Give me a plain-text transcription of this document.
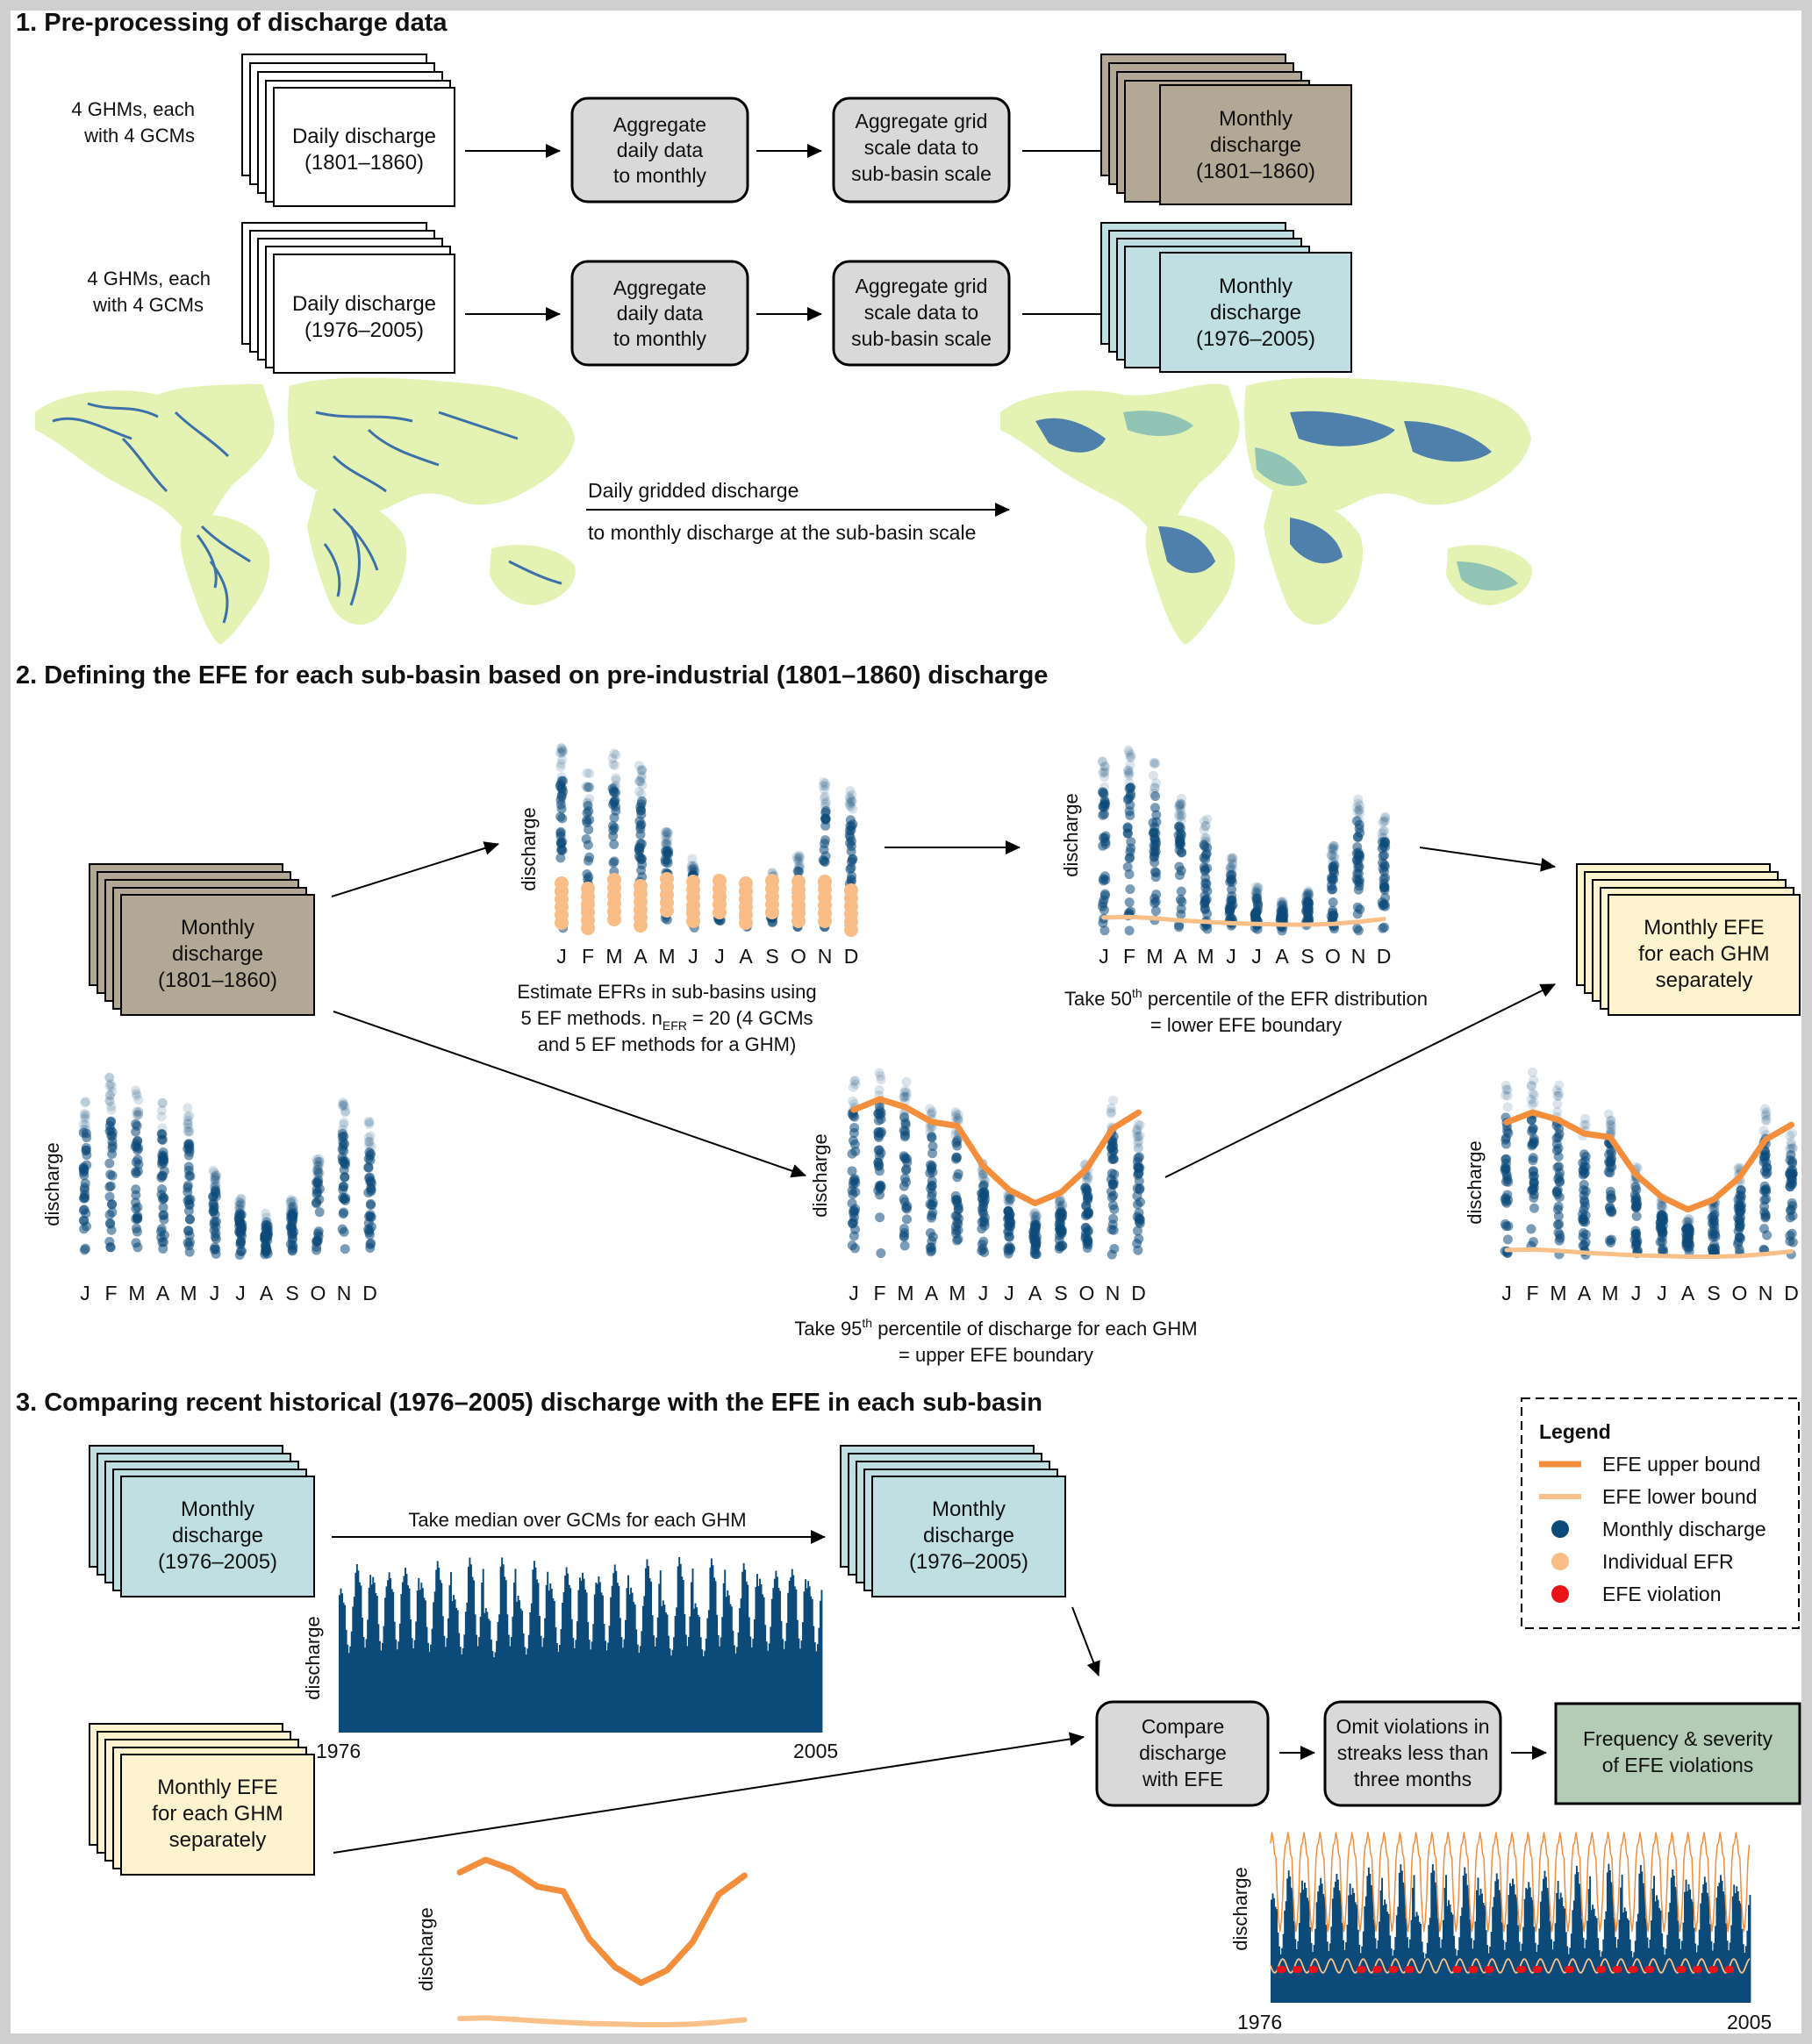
1. Pre-processing of discharge data
4 GHMs, each
with 4 GCMs	Daily discharge
(1801–1860)
Aggregate
daily data
to monthly
Aggregate grid
scale data to
sub-basin scale
Monthly
discharge
(1801–1860)
4 GHMs, each
with 4 GCMs	Daily discharge
(1976–2005)
Aggregate
daily data
to monthly
Aggregate grid
scale data to
sub-basin scale
Monthly
discharge
(1976–2005)
Daily gridded discharge
to monthly discharge at the sub-basin scale
2. Defining the EFE for each sub-basin based on pre-industrial (1801–1860) discharge
Monthly
discharge
(1801–1860)
Monthly EFE
for each GHM
separately
discharge
J F M A M J J A S O N D
discharge
J F M A M J J A S O N D
discharge
J F M A M J J A S O N D
discharge
J F M A M J J A S O N D
discharge
J F M A M J J A S O N D
Estimate EFRs in sub-basins using
5 EF methods. $n_{EFR} = 20$ (4 GCMs
and 5 EF methods for a GHM)
Take 50th percentile of the EFR distribution
= lower EFE boundary
Take 95th percentile of discharge for each GHM
= upper EFE boundary
3. Comparing recent historical (1976–2005) discharge with the EFE in each sub-basin
Monthly
discharge
(1976–2005)
Take median over GCMs for each GHM	Monthly
discharge
(1976–2005)
Monthly EFE
for each GHM
separately
Compare
discharge
with EFE
Omit violations in
streaks less than
three months
Frequency & severity
of EFE violations
discharge
1976	2005
discharge	discharge
1976	2005
Legend
EFE upper bound
EFE lower bound
Monthly discharge
Individual EFR
EFE violation
